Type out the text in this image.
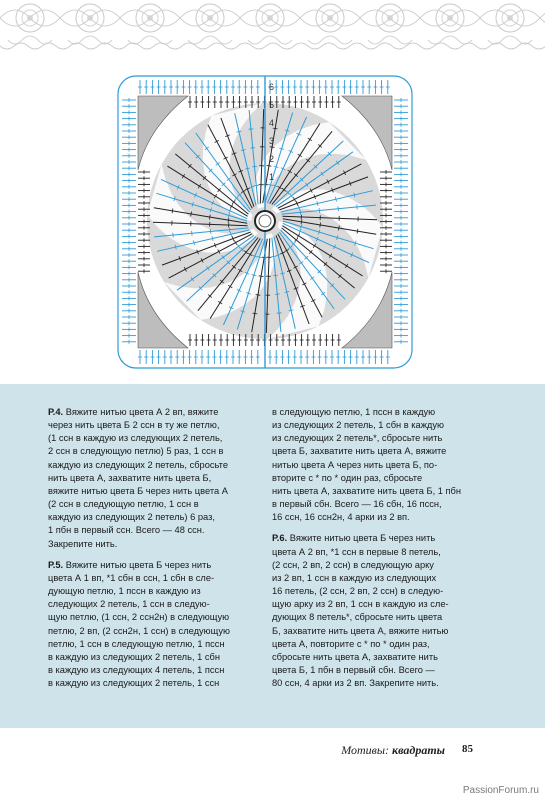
6
5
4
3
2
1

Р.4. Вяжите нитью цвета А 2 вп, вяжите
через нить цвета Б 2 ссн в ту же петлю,
(1 ссн в каждую из следующих 2 петель,
2 ссн в следующую петлю) 5 раз, 1 ссн в
каждую из следующих 2 петель, сбросьте
нить цвета А, захватите нить цвета Б,
вяжите нитью цвета Б через нить цвета А
(2 ссн в следующую петлю, 1 ссн в
каждую из следующих 2 петель) 6 раз,
1 пбн в первый ссн. Всего — 48 ссн.
Закрепите нить.

Р.5. Вяжите нитью цвета Б через нить
цвета А 1 вп, *1 сбн в ссн, 1 сбн в сле-
дующую петлю, 1 пссн в каждую из
следующих 2 петель, 1 ссн в следую-
щую петлю, (1 ссн, 2 ссн2н) в следующую
петлю, 2 вп, (2 ссн2н, 1 ссн) в следующую
петлю, 1 ссн в следующую петлю, 1 пссн
в каждую из следующих 2 петель, 1 сбн
в каждую из следующих 4 петель, 1 пссн
в каждую из следующих 2 петель, 1 ссн

в следующую петлю, 1 пссн в каждую
из следующих 2 петель, 1 сбн в каждую
из следующих 2 петель*, сбросьте нить
цвета Б, захватите нить цвета А, вяжите
нитью цвета А через нить цвета Б, по-
вторите с * по * один раз, сбросьте
нить цвета А, захватите нить цвета Б, 1 пбн
в первый сбн. Всего — 16 сбн, 16 пссн,
16 ссн, 16 ссн2н, 4 арки из 2 вп.

Р.6. Вяжите нитью цвета Б через нить
цвета А 2 вп, *1 ссн в первые 8 петель,
(2 ссн, 2 вп, 2 ссн) в следующую арку
из 2 вп, 1 ссн в каждую из следующих
16 петель, (2 ссн, 2 вп, 2 ссн) в следую-
щую арку из 2 вп, 1 ссн в каждую из сле-
дующих 8 петель*, сбросьте нить цвета
Б, захватите нить цвета А, вяжите нитью
цвета А, повторите с * по * один раз,
сбросьте нить цвета А, захватите нить
цвета Б, 1 пбн в первый сбн. Всего —
80 ссн, 4 арки из 2 вп. Закрепите нить.

Мотивы: квадраты 85
PassionForum.ru
